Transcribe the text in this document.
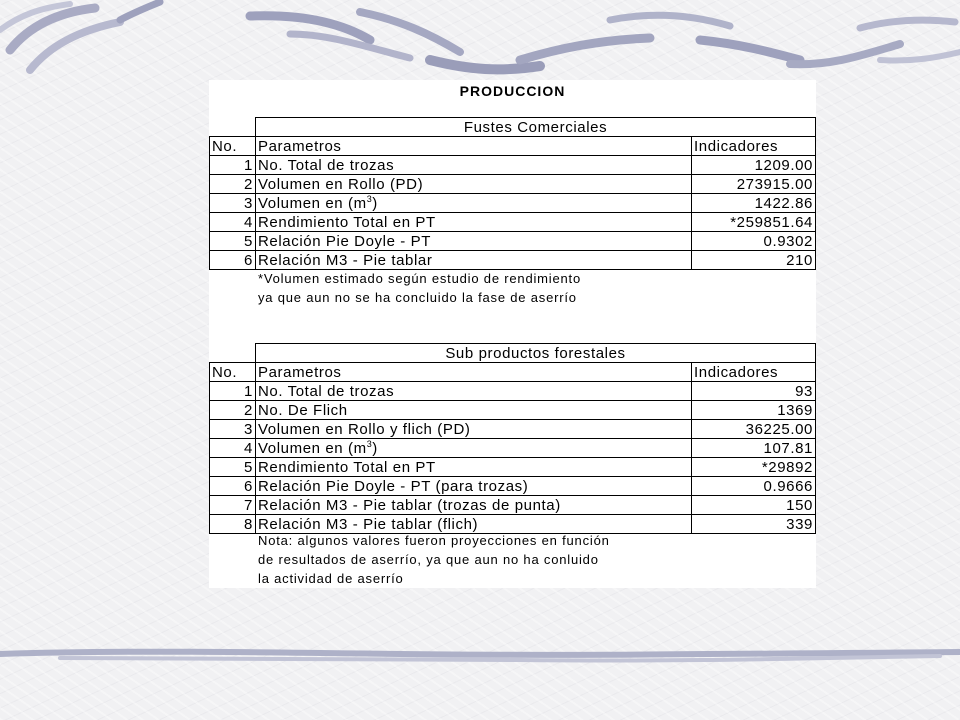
PRODUCCION
	Fustes Comerciales	
No.	Parametros	Indicadores
1	No. Total de trozas	1209.00
2	Volumen en Rollo (PD)	273915.00
3	Volumen en $(m^3)$	1422.86
4	Rendimiento Total en PT	*259851.64
5	Relación Pie Doyle - PT	0.9302
6	Relación M3 - Pie tablar	210
*Volumen estimado según estudio de rendimiento
ya que aun no se ha concluido la fase de aserrío
	Sub productos forestales	
No.	Parametros	Indicadores
1	No. Total de trozas	93
2	No. De Flich	1369
3	Volumen en Rollo y flich (PD)	36225.00
4	Volumen en $(m^3)$	107.81
5	Rendimiento Total en PT	*29892
6	Relación Pie Doyle - PT (para trozas)	0.9666
7	Relación M3 - Pie tablar (trozas de punta)	150
8	Relación M3 - Pie tablar (flich)	339
Nota: algunos valores fueron proyecciones en función
de resultados de aserrío, ya que aun no ha conluido
la actividad de aserrío
